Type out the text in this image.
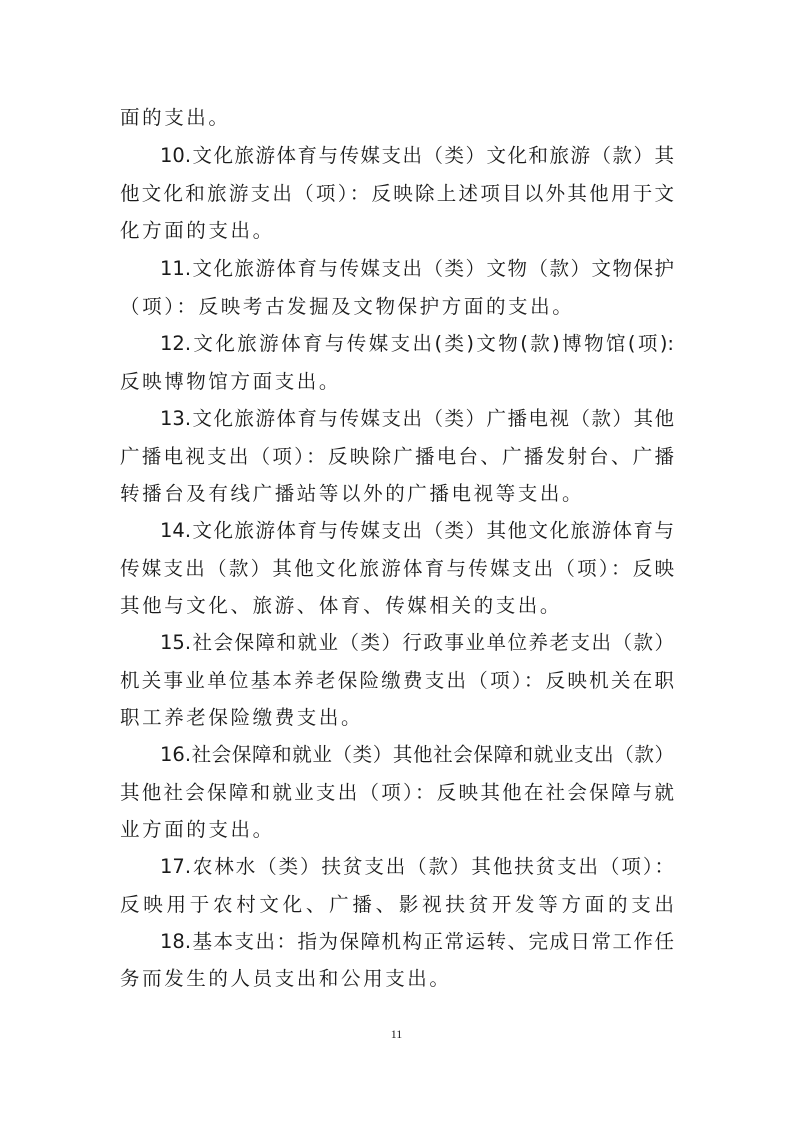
面的支出。
10.文化旅游体育与传媒支出（类）文化和旅游（款）其
他文化和旅游支出（项）：反映除上述项目以外其他用于文
化方面的支出。
11.文化旅游体育与传媒支出（类）文物（款）文物保护
（项）：反映考古发掘及文物保护方面的支出。
12.文化旅游体育与传媒支出(类)文物(款)博物馆(项):
反映博物馆方面支出。
13.文化旅游体育与传媒支出（类）广播电视（款）其他
广播电视支出（项）：反映除广播电台、广播发射台、广播
转播台及有线广播站等以外的广播电视等支出。
14.文化旅游体育与传媒支出（类）其他文化旅游体育与
传媒支出（款）其他文化旅游体育与传媒支出（项）：反映
其他与文化、旅游、体育、传媒相关的支出。
15.社会保障和就业（类）行政事业单位养老支出（款）
机关事业单位基本养老保险缴费支出（项）：反映机关在职
职工养老保险缴费支出。
16.社会保障和就业（类）其他社会保障和就业支出（款）
其他社会保障和就业支出（项）：反映其他在社会保障与就
业方面的支出。
17.农林水（类）扶贫支出（款）其他扶贫支出（项）：
反映用于农村文化、广播、影视扶贫开发等方面的支出
18.基本支出：指为保障机构正常运转、完成日常工作任
务而发生的人员支出和公用支出。
11
